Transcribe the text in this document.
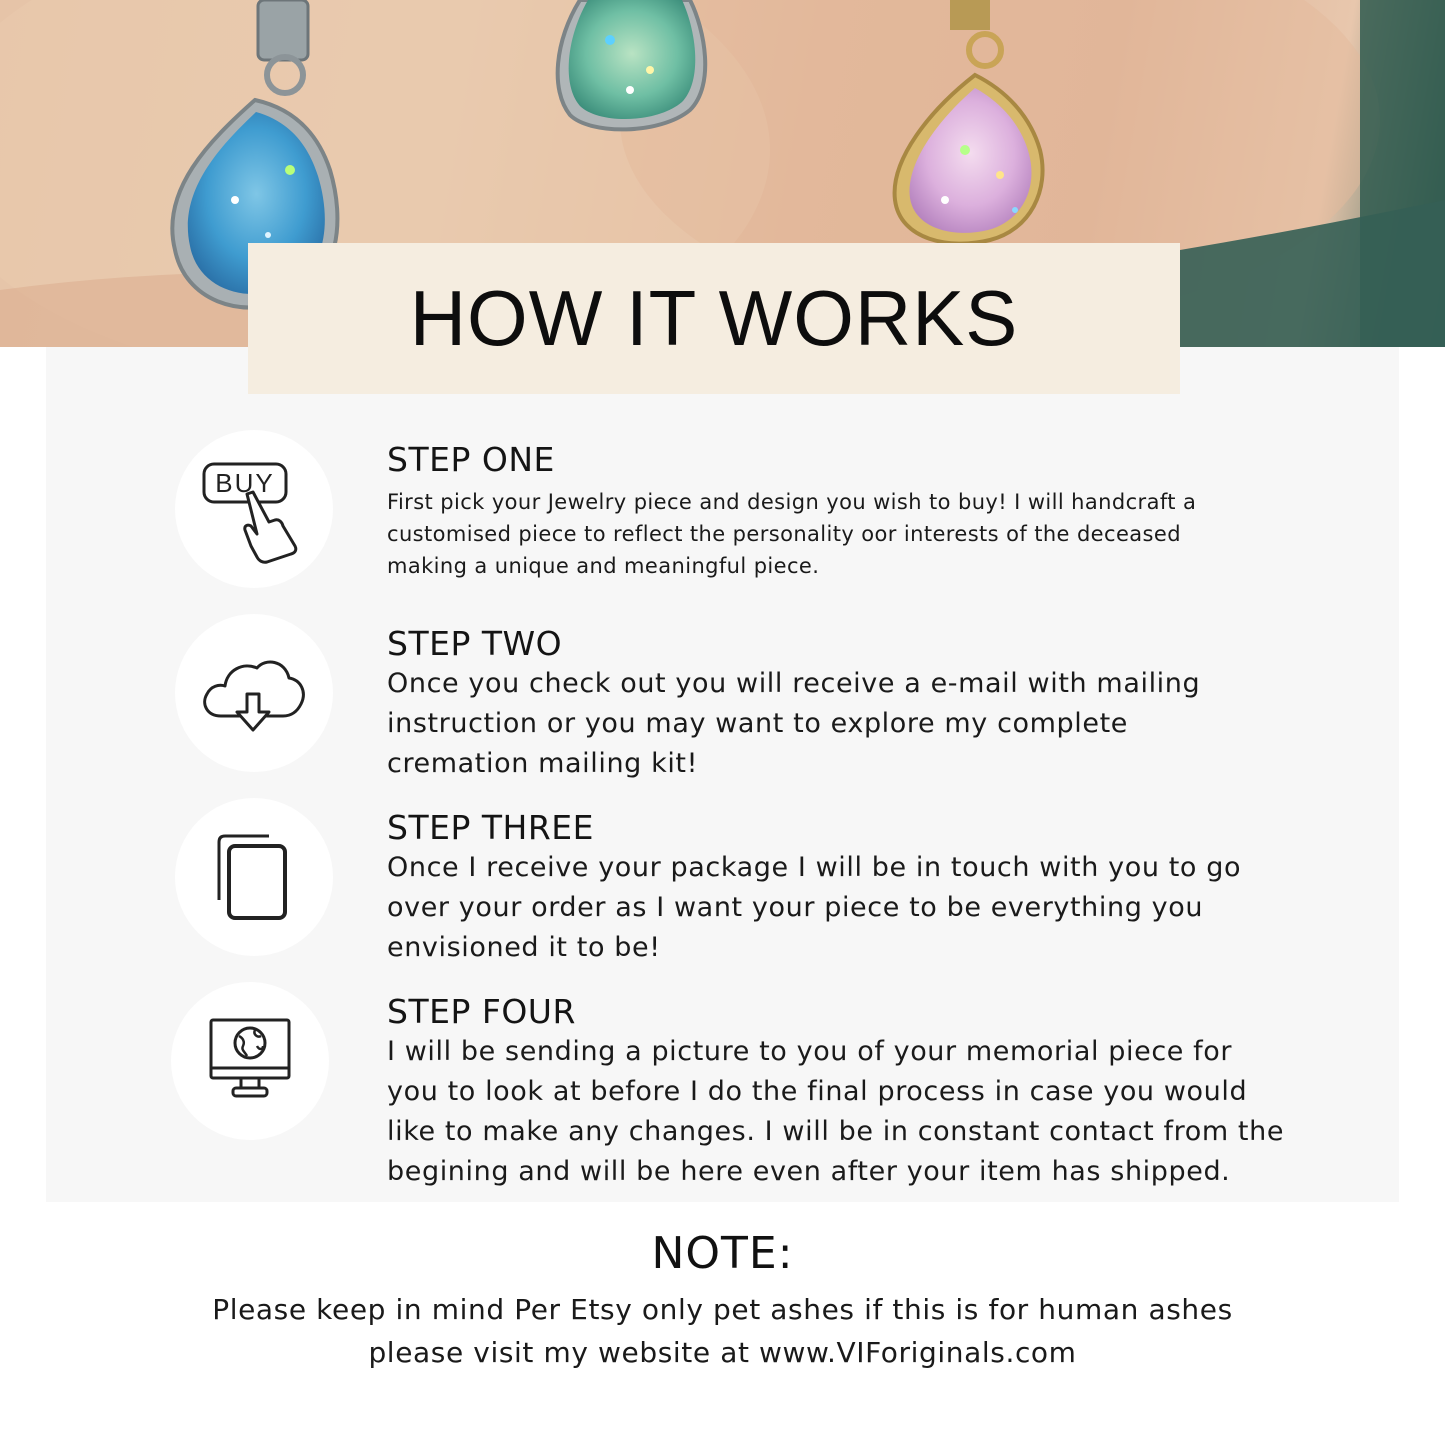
HOW IT WORKS
BUY

STEP ONE

First pick your Jewelry piece and design you wish to buy! I will handcraft a customised piece to reflect the personality oor interests of the deceased making a unique and meaningful piece.

STEP TWO

Once you check out you will receive a e-mail with mailing instruction or you may want to explore my complete cremation mailing kit!

STEP THREE

Once I receive your package I will be in touch with you to go over your order as I want your piece to be everything you envisioned it to be!

STEP FOUR

I will be sending a picture to you of your memorial piece for you to look at before I do the final process in case you would like to make any changes. I will be in constant contact from the begining and will be here even after your item has shipped.

NOTE:
Please keep in mind Per Etsy only pet ashes if this is for human ashes please visit my website at www.VIForiginals.com
